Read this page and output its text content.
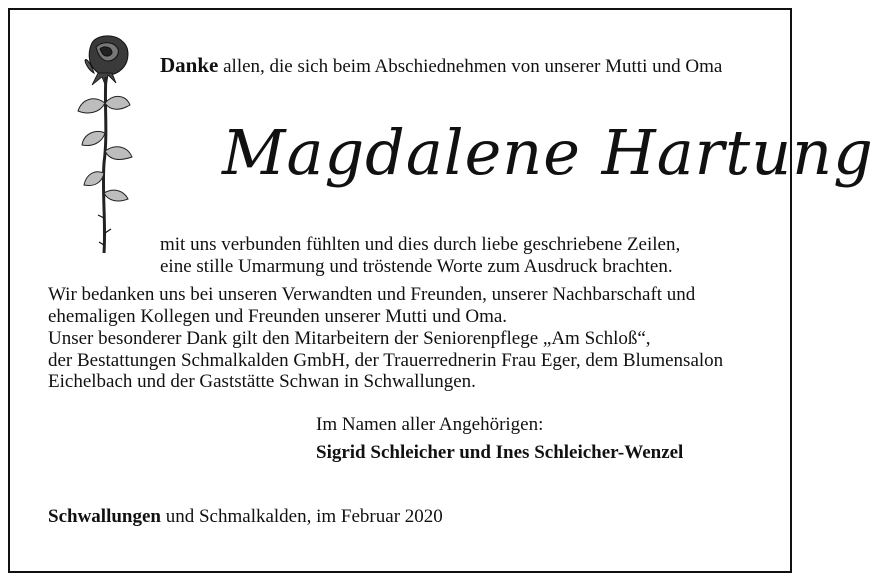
Danke allen, die sich beim Abschiednehmen von unserer Mutti und Oma
Magdalene Hartung
mit uns verbunden fühlten und dies durch liebe geschriebene Zeilen,
eine stille Umarmung und tröstende Worte zum Ausdruck brachten.
Wir bedanken uns bei unseren Verwandten und Freunden, unserer Nachbarschaft und
ehemaligen Kollegen und Freunden unserer Mutti und Oma.
Unser besonderer Dank gilt den Mitarbeitern der Seniorenpflege „Am Schloß“,
der Bestattungen Schmalkalden GmbH, der Trauerrednerin Frau Eger, dem Blumensalon
Eichelbach und der Gaststätte Schwan in Schwallungen.
Im Namen aller Angehörigen:
Sigrid Schleicher und Ines Schleicher-Wenzel
Schwallungen und Schmalkalden, im Februar 2020
